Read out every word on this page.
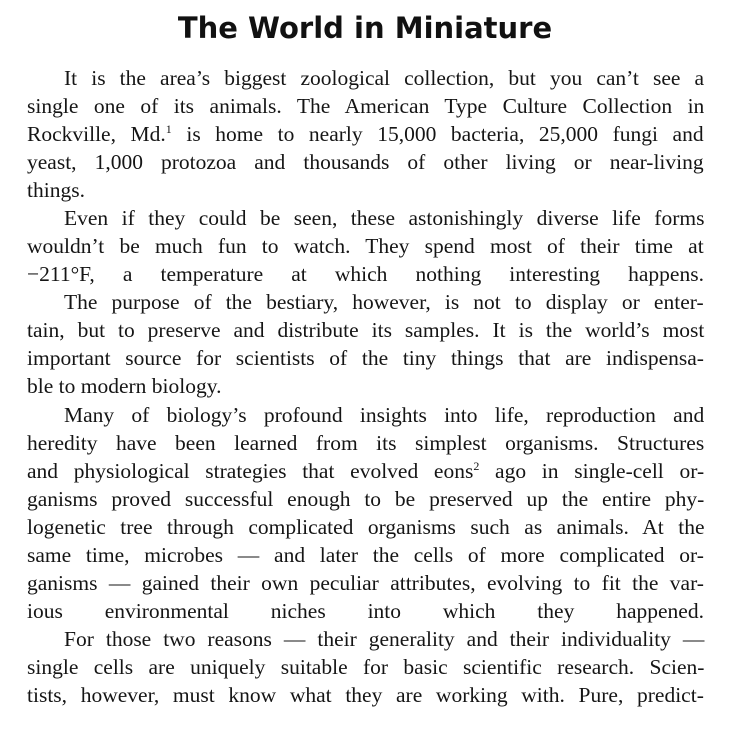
The World in Miniature
It is the area’s biggest zoological collection, but you can’t see a
single one of its animals. The American Type Culture Collection in
Rockville, Md.$^1$ is home to nearly 15,000 bacteria, 25,000 fungi and
yeast, 1,000 protozoa and thousands of other living or near-living
things.
Even if they could be seen, these astonishingly diverse life forms
wouldn’t be much fun to watch. They spend most of their time at
−211°F, a temperature at which nothing interesting happens.
The purpose of the bestiary, however, is not to display or enter-
tain, but to preserve and distribute its samples. It is the world’s most
important source for scientists of the tiny things that are indispensa-
ble to modern biology.
Many of biology’s profound insights into life, reproduction and
heredity have been learned from its simplest organisms. Structures
and physiological strategies that evolved eons$^2$ ago in single-cell or-
ganisms proved successful enough to be preserved up the entire phy-
logenetic tree through complicated organisms such as animals. At the
same time, microbes — and later the cells of more complicated or-
ganisms — gained their own peculiar attributes, evolving to fit the var-
ious environmental niches into which they happened.
For those two reasons — their generality and their individuality —
single cells are uniquely suitable for basic scientific research. Scien-
tists, however, must know what they are working with. Pure, predict-
